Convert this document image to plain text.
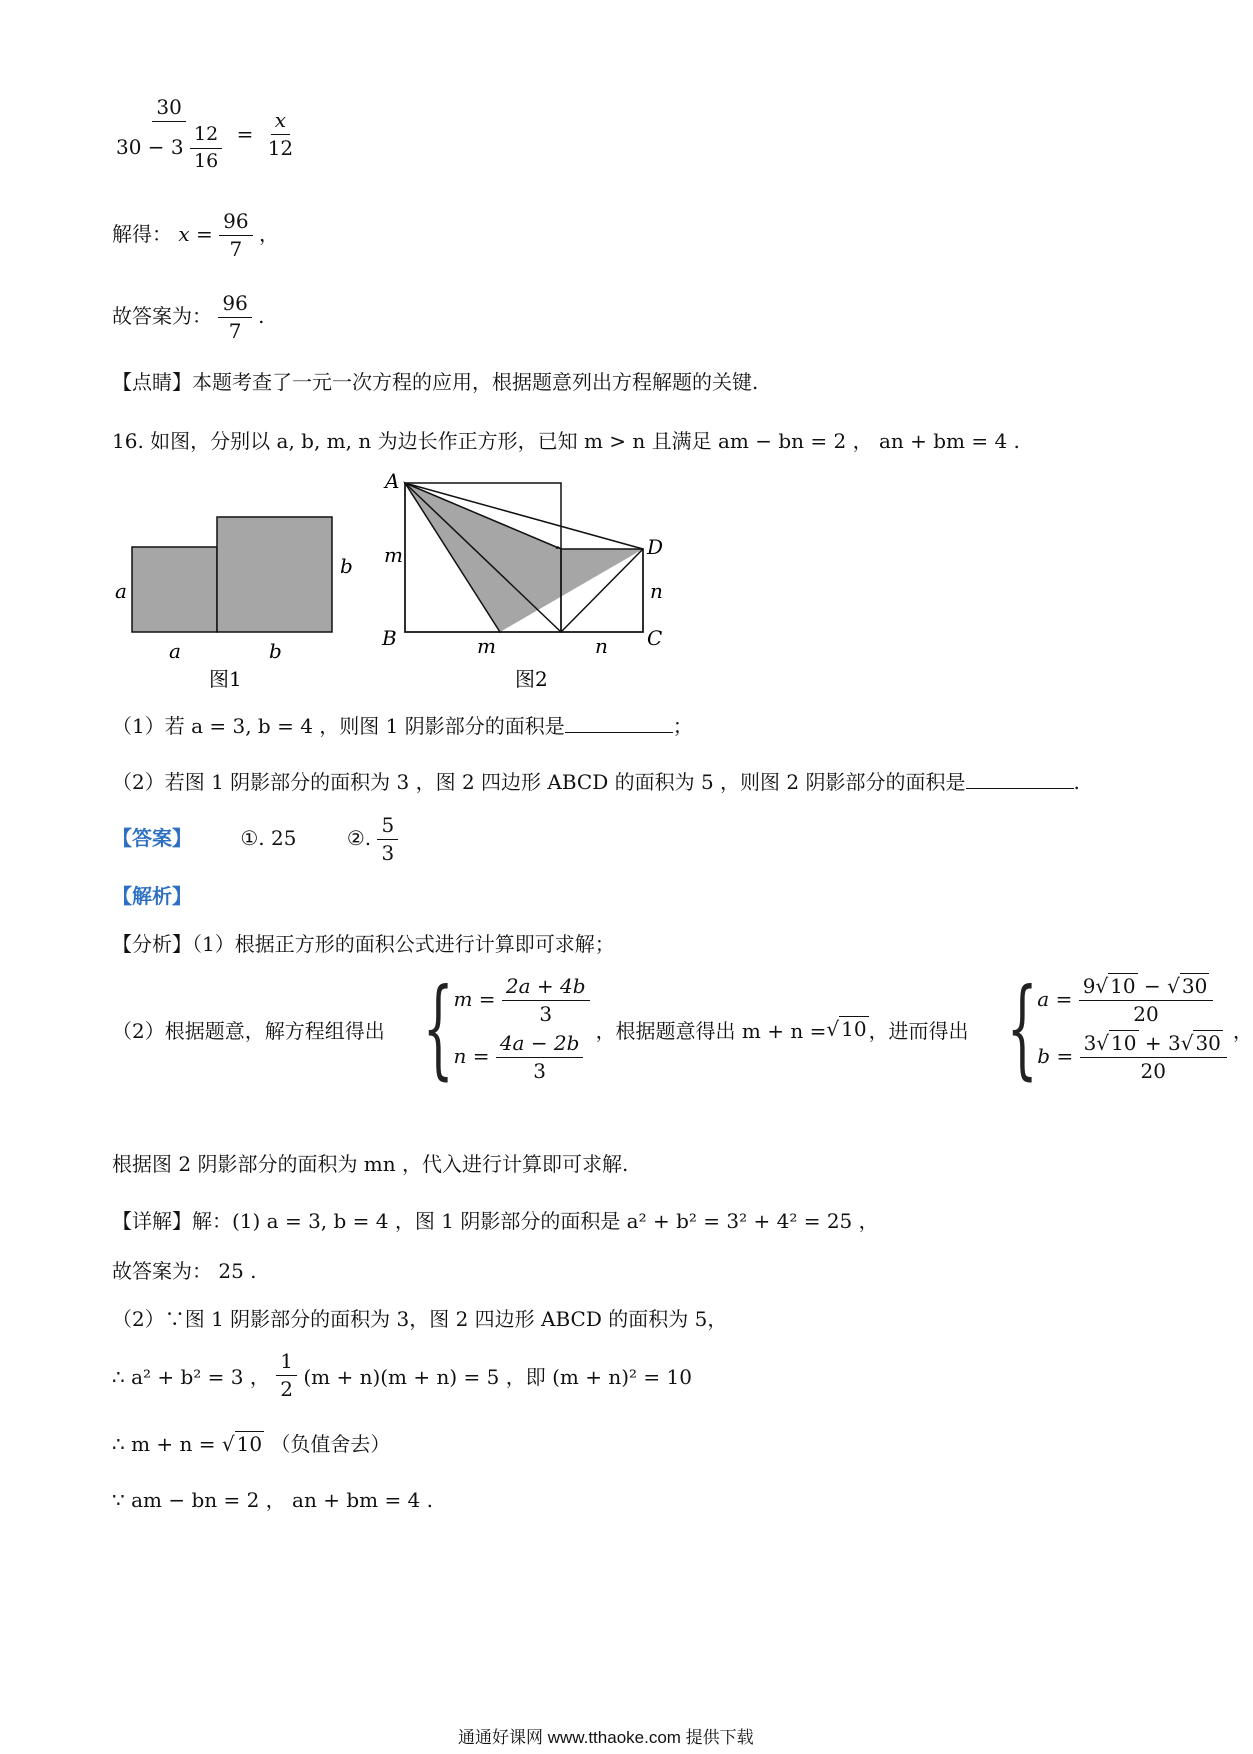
$\frac{30}{30 - 3 \frac{12}{16}} = \frac{x}{12}$
解得： $x = \frac{96}{7}$ ，
故答案为： $\frac{96}{7}$ .
【点睛】本题考查了一元一次方程的应用，根据题意列出方程解题的关键.
16. 如图，分别以 a, b, m, n 为边长作正方形，已知 m > n 且满足 am − bn = 2 ， an + bm = 4 .
a
b
a	b
图1
A
B	C
D
m
n
m	n
图2
（1）若 a = 3, b = 4 ，则图 1 阴影部分的面积是	；
（2）若图 1 阴影部分的面积为 3 ，图 2 四边形 ABCD 的面积为 5 ，则图 2 阴影部分的面积是	.
【答案】 ①. 25	②. $\frac{5}{3}$
【解析】
【分析】（1）根据正方形的面积公式进行计算即可求解；
（2）根据题意，解方程组得出 { $m = \frac{2a + 4b}{3}$
$n = \frac{4a - 2b}{3}$
，根据题意得出 m + n = √ 10 ，进而得出 { $a = \frac{9√ 10 - √ 30}{20}$
$b = \frac{3√ 10 + 3√ 30}{20}$
，
根据图 2 阴影部分的面积为 mn ，代入进行计算即可求解.
【详解】解：(1) a = 3, b = 4 ，图 1 阴影部分的面积是 a² + b² = 3² + 4² = 25 ，
故答案为： 25 .
（2）∵图 1 阴影部分的面积为 3，图 2 四边形 ABCD 的面积为 5，
∴ a² + b² = 3 ， $\frac{1}{2} (m + n)(m + n) = 5$ ，即 (m + n)² = 10
∴ m + n = √ 10 （负值舍去）
∵ am − bn = 2 ， an + bm = 4 .
通通好课网 www.tthaoke.com 提供下载
